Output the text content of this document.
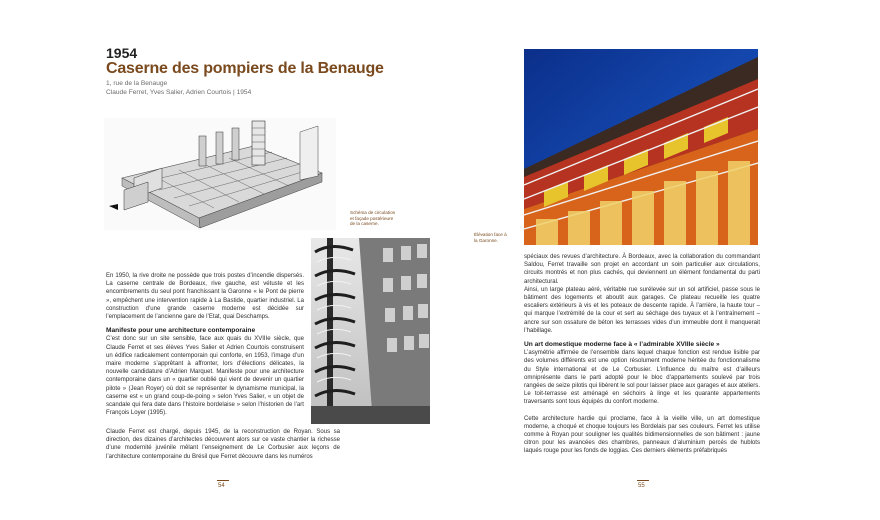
1954
Caserne des pompiers de la Benauge
1, rue de la Benauge
Claude Ferret, Yves Salier, Adrien Courtois | 1954
Schéma de circulation
et façade postérieure
de la caserne.

En 1950, la rive droite ne possède que trois postes d’incendie dispersés. La caserne centrale de Bordeaux, rive gauche, est vétuste et les encombrements du seul pont franchissant la Garonne « le Pont de pierre », empêchent une intervention rapide à La Bastide, quartier industriel. La construction d’une grande caserne moderne est décidée sur l’emplacement de l’ancienne gare de l’Etat, quai Deschamps.

Manifeste pour une architecture contemporaine

C’est donc sur un site sensible, face aux quais du XVIIIe siècle, que Claude Ferret et ses élèves Yves Salier et Adrien Courtois construisent un édifice radicalement contemporain qui conforte, en 1953, l’image d’un maire moderne s’apprêtant à affronter, lors d’élections délicates, la nouvelle candidature d’Adrien Marquet. Manifeste pour une architecture contemporaine dans un « quartier oublié qui vient de devenir un quartier pilote » (Jean Royer) où doit se représenter le dynamisme municipal, la caserne est « un grand coup-de-poing » selon Yves Salier, « un objet de scandale qui fera date dans l’histoire bordelaise » selon l’historien de l’art François Loyer (1995).

Claude Ferret est chargé, depuis 1945, de la reconstruction de Royan. Sous sa direction, des dizaines d’architectes découvrent alors sur ce vaste chantier la richesse d’une modernité juvénile mêlant l’enseignement de Le Corbusier aux leçons de l’architecture contemporaine du Brésil que Ferret découvre dans les numéros

54
Élévation face à
la Garonne.

spéciaux des revues d’architecture. À Bordeaux, avec la collaboration du commandant Saldou, Ferret travaille son projet en accordant un soin particulier aux circulations, circuits montrés et non plus cachés, qui deviennent un élément fondamental du parti architectural.

Ainsi, un large plateau aéré, véritable rue surélevée sur un sol artificiel, passe sous le bâtiment des logements et aboutit aux garages. Ce plateau recueille les quatre escaliers extérieurs à vis et les poteaux de descente rapide. À l’arrière, la haute tour – qui marque l’extrémité de la cour et sert au séchage des tuyaux et à l’entraînement – ancre sur son ossature de béton les terrasses vides d’un immeuble dont il manquerait l’habillage.

Un art domestique moderne face à « l’admirable XVIIIe siècle »

L’asymétrie affirmée de l’ensemble dans lequel chaque fonction est rendue lisible par des volumes différents est une option résolument moderne héritée du fonctionnalisme du Style international et de Le Corbusier. L’influence du maître est d’ailleurs omniprésente dans le parti adopté pour le bloc d’appartements soulevé par trois rangées de seize pilotis qui libèrent le sol pour laisser place aux garages et aux ateliers. Le toit-terrasse est aménagé en séchoirs à linge et les quarante appartements traversants sont tous équipés du confort moderne.

Cette architecture hardie qui proclame, face à la vieille ville, un art domestique moderne, a choqué et choque toujours les Bordelais par ses couleurs. Ferret les utilise comme à Royan pour souligner les qualités bidimensionnelles de son bâtiment : jaune citron pour les avancées des chambres, panneaux d’aluminium percés de hublots laqués rouge pour les fonds de loggias. Ces derniers éléments préfabriqués

55
